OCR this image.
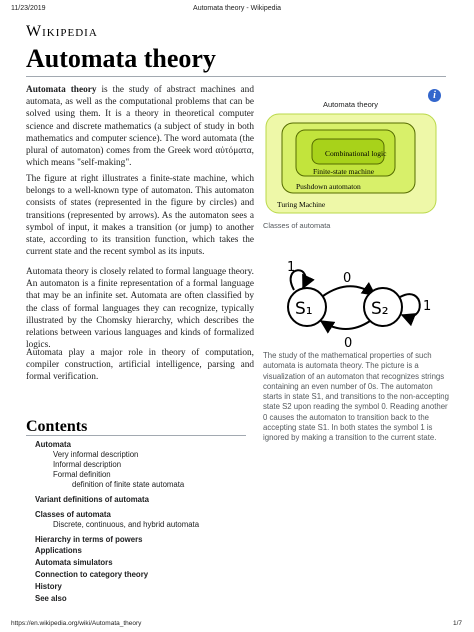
11/23/2019	Automata theory - Wikipedia
Wikipedia
Automata theory

Automata theory is the study of abstract machines and automata, as well as the computational problems that can be solved using them. It is a theory in theoretical computer science and discrete mathematics (a subject of study in both mathematics and computer science). The word automata (the plural of automaton) comes from the Greek word αὐτόματα, which means "self-making".

The figure at right illustrates a finite-state machine, which belongs to a well-known type of automaton. This automaton consists of states (represented in the figure by circles) and transitions (represented by arrows). As the automaton sees a symbol of input, it makes a transition (or jump) to another state, according to its transition function, which takes the current state and the recent symbol as its inputs.

Automata theory is closely related to formal language theory. An automaton is a finite representation of a formal language that may be an infinite set. Automata are often classified by the class of formal languages they can recognize, typically illustrated by the Chomsky hierarchy, which describes the relations between various languages and kinds of formalized logics.

Automata play a major role in theory of computation, compiler construction, artificial intelligence, parsing and formal verification.

i
Automata theory
Combinational logic
Finite-state machine
Pushdown automaton
Turing Machine
Classes of automata
1
S₁
0
S₂
0
1

The study of the mathematical properties of such automata is automata theory. The picture is a visualization of an automaton that recognizes strings containing an even number of 0s. The automaton starts in state S1, and transitions to the non-accepting state S2 upon reading the symbol 0. Reading another 0 causes the automaton to transition back to the accepting state S1. In both states the symbol 1 is ignored by making a transition to the current state.

Contents
Automata
Very informal description
Informal description
Formal definition
definition of finite state automata
Variant definitions of automata
Classes of automata
Discrete, continuous, and hybrid automata
Hierarchy in terms of powers
Applications
Automata simulators
Connection to category theory
History
See also
https://en.wikipedia.org/wiki/Automata_theory	1/7
